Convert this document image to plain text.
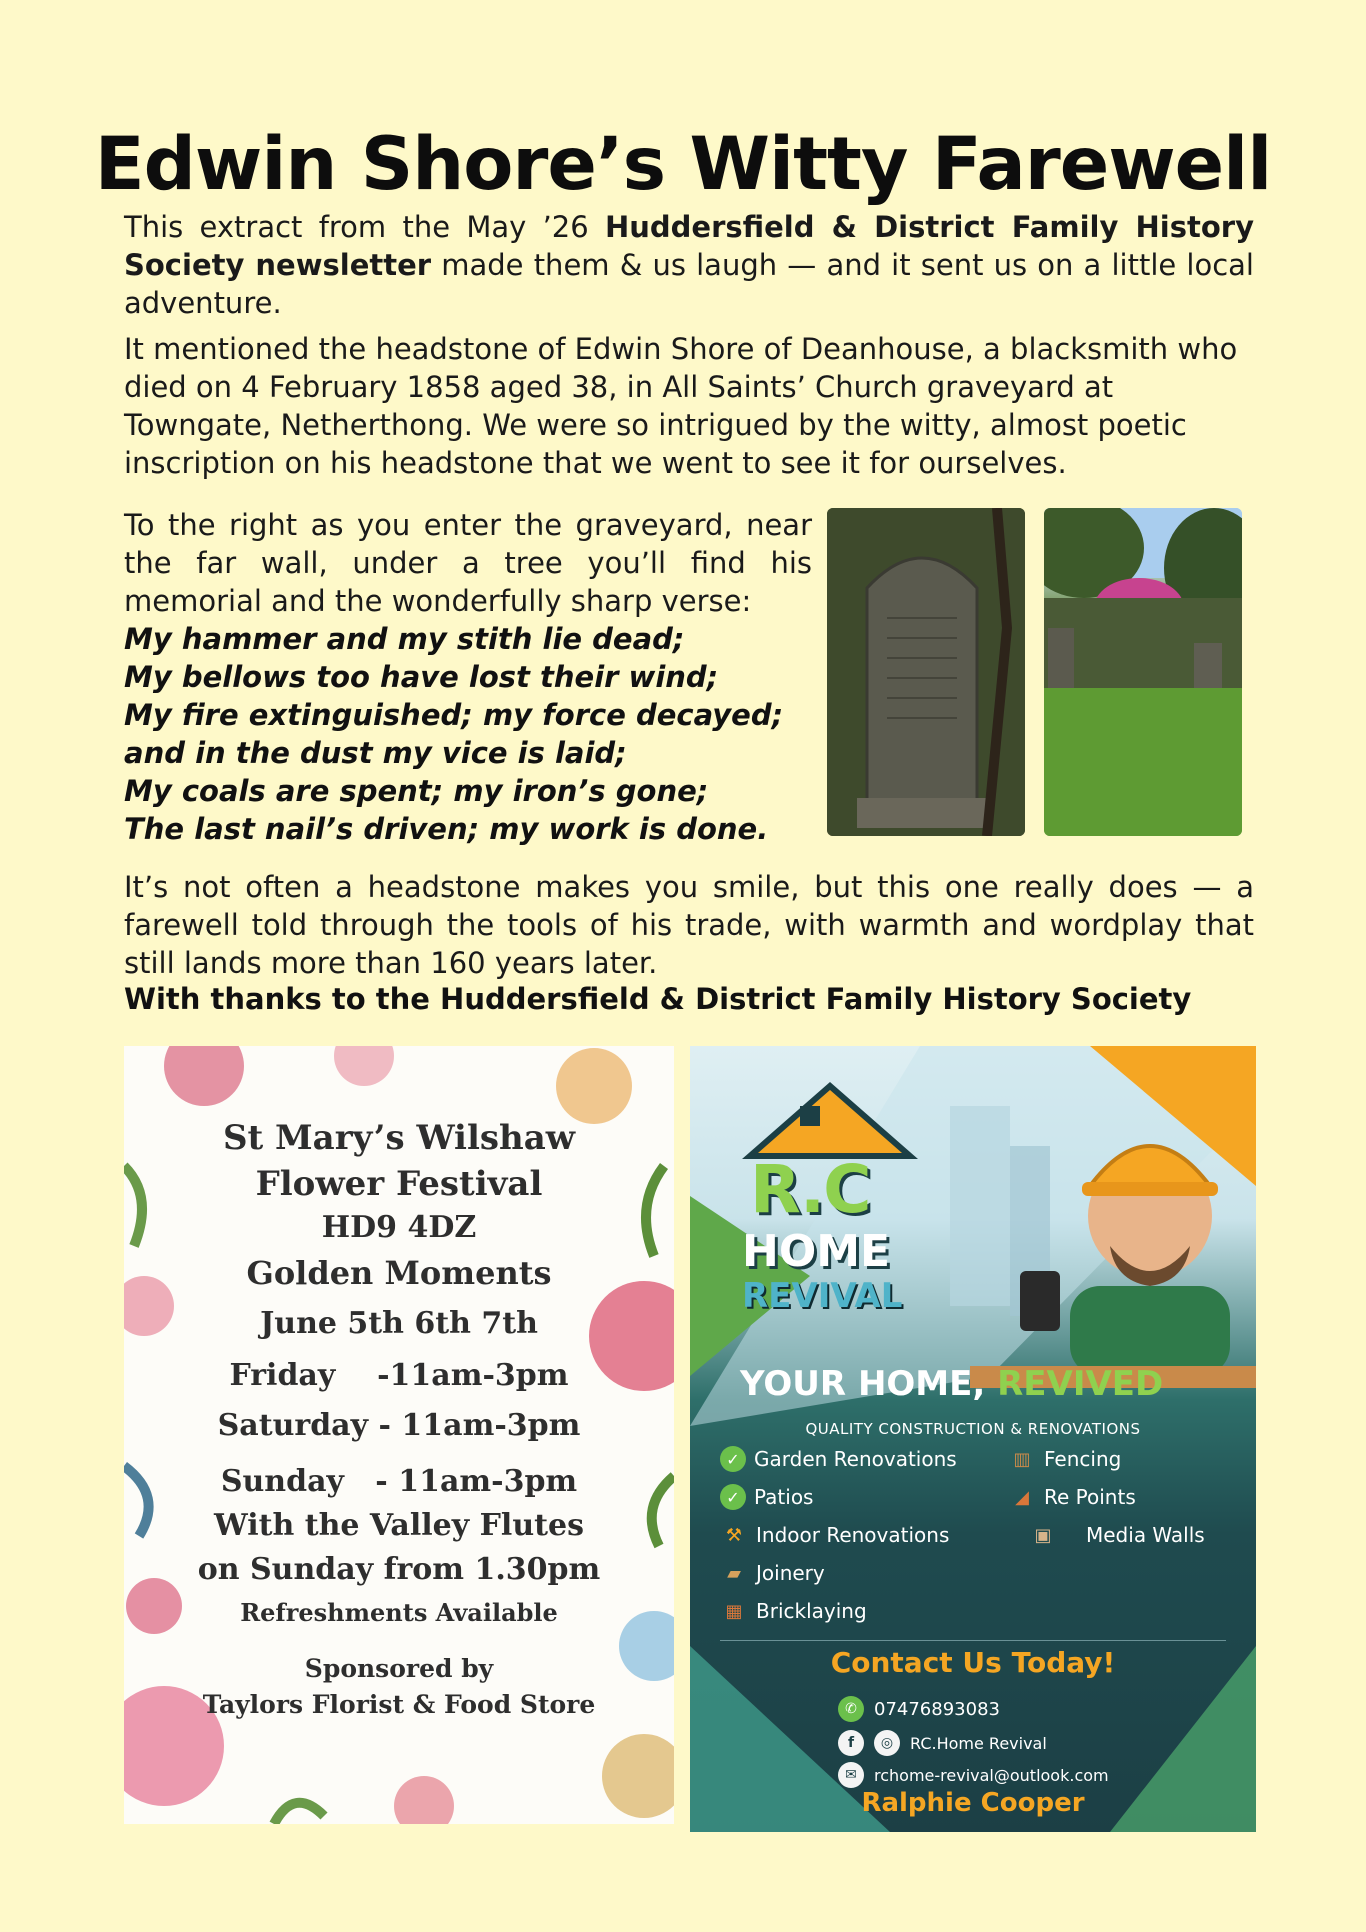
Edwin Shore’s Witty Farewell

This extract from the May ’26 Huddersfield & District Family History Society newsletter made them & us laugh — and it sent us on a little local adventure.

It mentioned the headstone of Edwin Shore of Deanhouse, a blacksmith who died on 4 February 1858 aged 38, in All Saints’ Church graveyard at Towngate, Netherthong. We were so intrigued by the witty, almost poetic inscription on his headstone that we went to see it for ourselves.

To the right as you enter the graveyard, near the far wall, under a tree you’ll find his memorial and the wonderfully sharp verse:
My hammer and my stith lie dead;
My bellows too have lost their wind;
My fire extinguished; my force decayed;
and in the dust my vice is laid;
My coals are spent; my iron’s gone;
The last nail’s driven; my work is done.

It’s not often a headstone makes you smile, but this one really does — a farewell told through the tools of his trade, with warmth and wordplay that still lands more than 160 years later.

With thanks to the Huddersfield & District Family History Society

St Mary’s Wilshaw

Flower Festival

HD9 4DZ

Golden Moments

June 5th 6th 7th

Friday    -11am-3pm

Saturday - 11am-3pm

Sunday   - 11am-3pm

With the Valley Flutes

on Sunday from 1.30pm

Refreshments Available

Sponsored by

Taylors Florist & Food Store

R.C

HOME

REVIVAL

YOUR HOME, REVIVED

QUALITY CONSTRUCTION & RENOVATIONS
✓ Garden Renovations
✓ Patios
⚒ Indoor Renovations
▰ Joinery
▦ Bricklaying
▥ Fencing
◢ Re Points
▣	Media Walls

Contact Us Today!

✆ 07476893083
f	◎	RC.Home Revival
✉	rchome-revival@outlook.com

Ralphie Cooper
